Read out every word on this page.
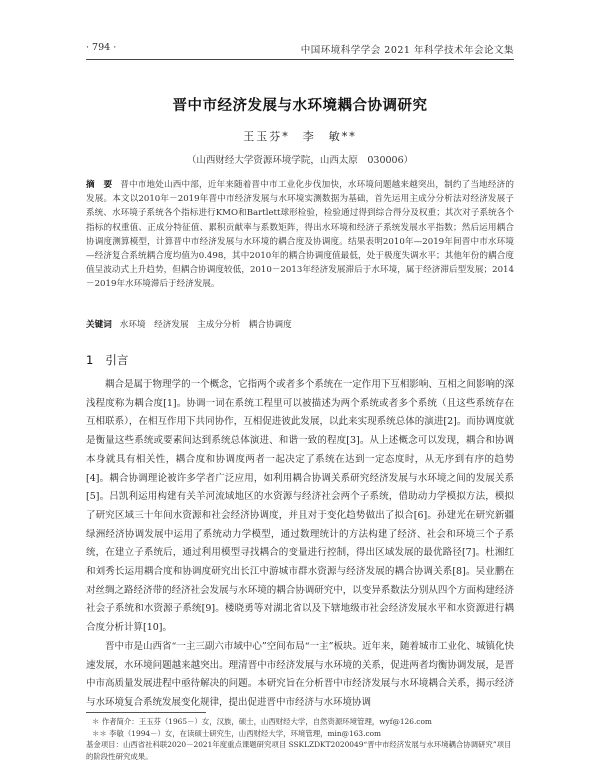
· 794 ·	中国环境科学学会 2021 年科学技术年会论文集
晋中市经济发展与水环境耦合协调研究
王玉芬*　李　敏**
（山西财经大学资源环境学院，山西太原　030006）
摘　要 晋中市地处山西中部，近年来随着晋中市工业化步伐加快，水环境问题越来越突出，制约了当地经济的发展。本文以2010年－2019年晋中市经济发展与水环境实测数据为基础，首先运用主成分分析法对经济发展子系统、水环境子系统各个指标进行KMO和Bartlett球形检验，检验通过得到综合得分及权重；其次对子系统各个指标的权重值、正成分特征值、累积贡献率与系数矩阵，得出水环境和经济子系统发展水平指数；然后运用耦合协调度测算模型，计算晋中市经济发展与水环境的耦合度及协调度。结果表明2010年—2019年间晋中市水环境—经济复合系统耦合度均值为0.498，其中2010年的耦合协调度值最低，处于极度失调水平；其他年份的耦合度值呈波动式上升趋势，但耦合协调度较低，2010－2013年经济发展滞后于水环境，属于经济滞后型发展；2014－2019年水环境滞后于经济发展。
关键词 水环境　经济发展　主成分分析　耦合协调度
1 引言

耦合是属于物理学的一个概念，它指两个或者多个系统在一定作用下互相影响、互相之间影响的深浅程度称为耦合度[1]。协调一词在系统工程里可以被描述为两个系统或者多个系统（且这些系统存在互相联系），在相互作用下共同协作，互相促进彼此发展，以此来实现系统总体的演进[2]。而协调度就是衡量这些系统或要素间达到系统总体演进、和谐一致的程度[3]。从上述概念可以发现，耦合和协调本身就具有相关性，耦合度和协调度两者一起决定了系统在达到一定态度时，从无序到有序的趋势[4]。耦合协调理论被许多学者广泛应用，如利用耦合协调关系研究经济发展与水环境之间的发展关系[5]。吕凯利运用构建有关羊河流域地区的水资源与经济社会两个子系统，借助动力学模拟方法，模拟了研究区域三十年间水资源和社会经济协调度，并且对于变化趋势做出了拟合[6]。孙建光在研究新疆绿洲经济协调发展中运用了系统动力学模型，通过数理统计的方法构建了经济、社会和环境三个子系统，在建立子系统后，通过利用模型寻找耦合的变量进行控制，得出区域发展的最优路径[7]。杜湘红和刘秀长运用耦合度和协调度研究出长江中游城市群水资源与经济发展的耦合协调关系[8]。吴业鹏在对丝绸之路经济带的经济社会发展与水环境的耦合协调研究中，以变异系数法分别从四个方面构建经济社会子系统和水资源子系统[9]。楼晓勇等对湖北省以及下辖地级市社会经济发展水平和水资源进行耦合度分析计算[10]。

晋中市是山西省“一主三副六市域中心”空间布局“一主”板块。近年来，随着城市工业化、城镇化快速发展，水环境问题越来越突出。理清晋中市经济发展与水环境的关系，促进两者均衡协调发展，是晋中市高质量发展进程中亟待解决的问题。本研究旨在分析晋中市经济发展与水环境耦合关系，揭示经济与水环境复合系统发展变化规律，提出促进晋中市经济与水环境协调

＊ 作者简介：王玉芬（1965－）女，汉族，硕士，山西财经大学，自然资源环境管理，wyf@126.com

＊＊ 李敏（1994－）女，在读硕士研究生，山西财经大学，环境管理，min@163.com

基金项目：山西省社科联2020－2021年度重点课题研究项目 SSKLZDKT2020049“晋中市经济发展与水环境耦合协调研究”项目的阶段性研究成果。
